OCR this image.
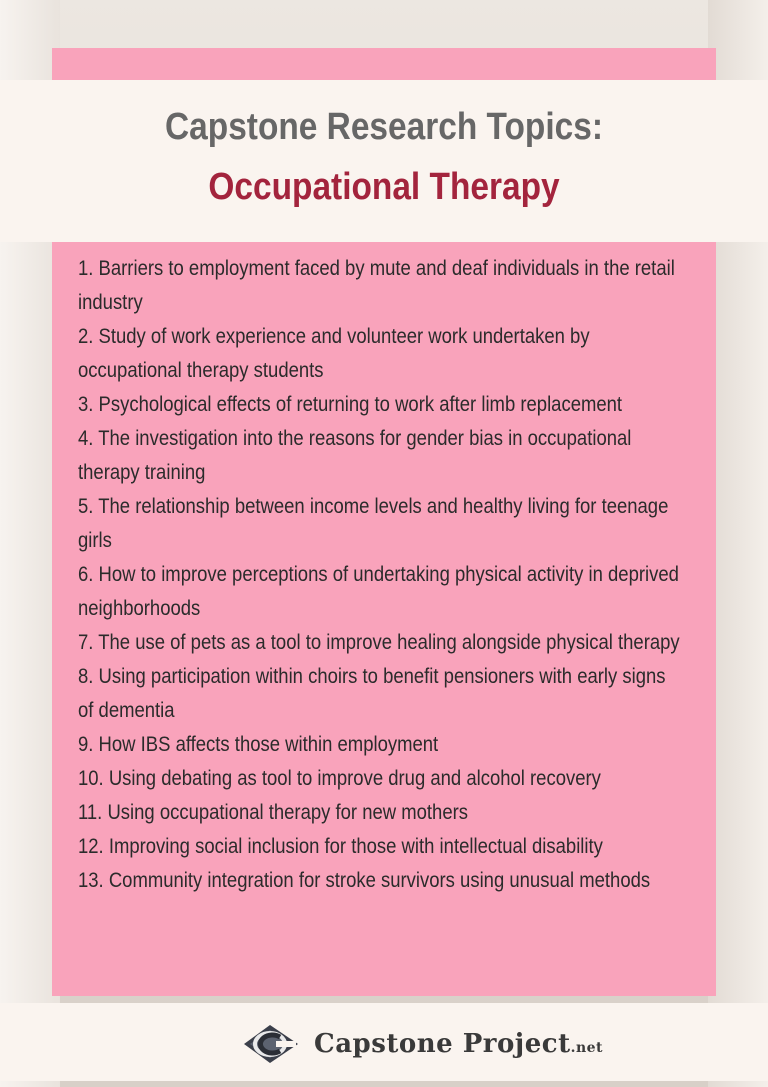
Capstone Research Topics:
Occupational Therapy
1. Barriers to employment faced by mute and deaf individuals in the retail industry
2. Study of work experience and volunteer work undertaken by occupational therapy students
3. Psychological effects of returning to work after limb replacement
4. The investigation into the reasons for gender bias in occupational therapy training
5. The relationship between income levels and healthy living for teenage girls
6. How to improve perceptions of undertaking physical activity in deprived neighborhoods
7. The use of pets as a tool to improve healing alongside physical therapy
8. Using participation within choirs to benefit pensioners with early signs of dementia
9. How IBS affects those within employment
10. Using debating as tool to improve drug and alcohol recovery
11. Using occupational therapy for new mothers
12. Improving social inclusion for those with intellectual disability
13. Community integration for stroke survivors using unusual methods
Capstone Project.net
